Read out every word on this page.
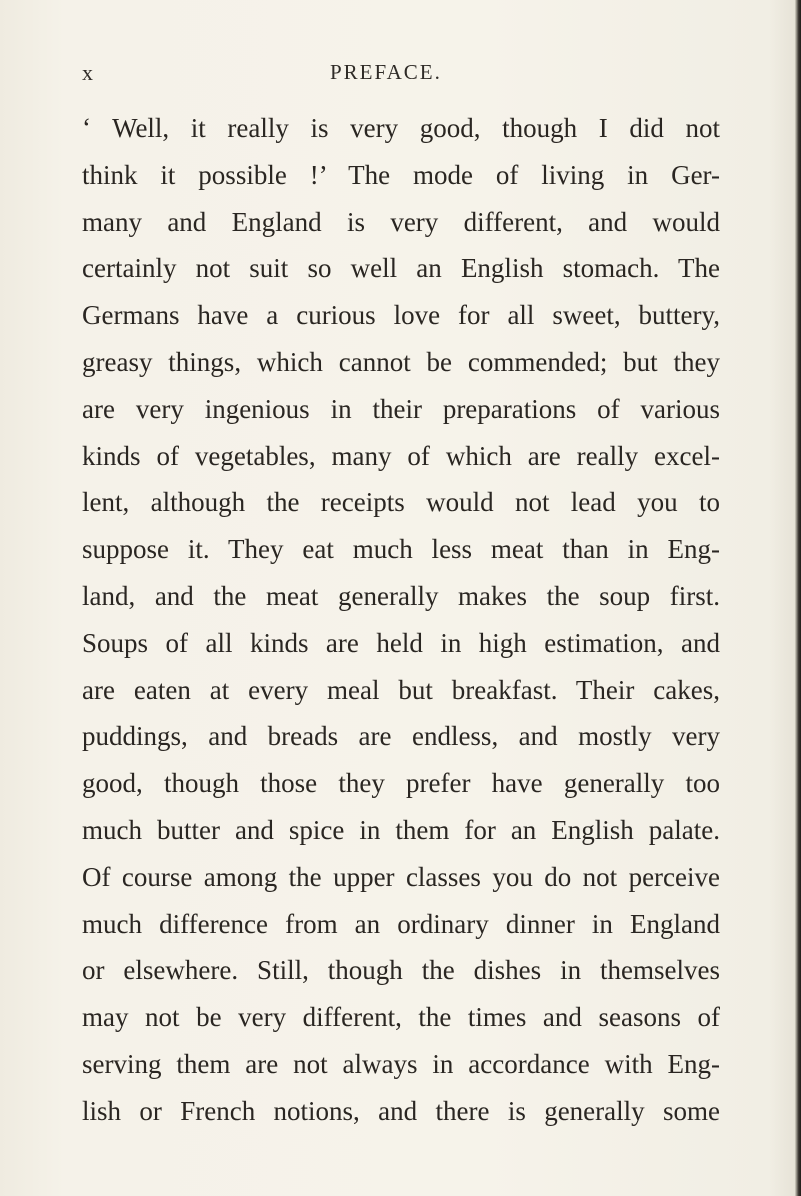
x	PREFACE.
‘ Well, it really is very good, though I did not
think it possible !’ The mode of living in Ger-
many and England is very different, and would
certainly not suit so well an English stomach. The
Germans have a curious love for all sweet, buttery,
greasy things, which cannot be commended; but they
are very ingenious in their preparations of various
kinds of vegetables, many of which are really excel-
lent, although the receipts would not lead you to
suppose it. They eat much less meat than in Eng-
land, and the meat generally makes the soup first.
Soups of all kinds are held in high estimation, and
are eaten at every meal but breakfast. Their cakes,
puddings, and breads are endless, and mostly very
good, though those they prefer have generally too
much butter and spice in them for an English palate.
Of course among the upper classes you do not perceive
much difference from an ordinary dinner in England
or elsewhere. Still, though the dishes in themselves
may not be very different, the times and seasons of
serving them are not always in accordance with Eng-
lish or French notions, and there is generally some
